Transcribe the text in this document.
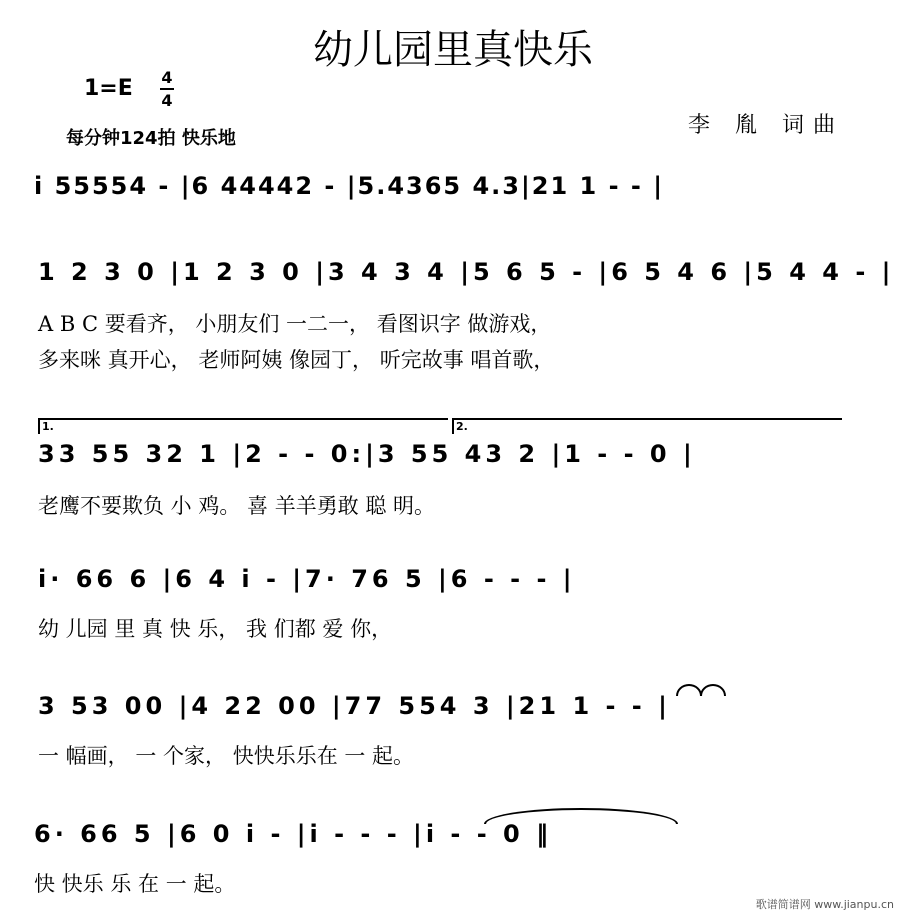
幼儿园里真快乐
1=E 4
4
每分钟124拍 快乐地
李 胤 词曲
i 55554 - |6 44442 - |5.4365 4.3|21 1 - - |
1 2 3 0 |1 2 3 0 |3 4 3 4 |5 6 5 - |6 5 4 6 |5 4 4 - |
A B C 要看齐， 小朋友们 一二一， 看图识字 做游戏，
多来咪 真开心， 老师阿姨 像园丁， 听完故事 唱首歌，
1.	2.
33 55 32 1 |2 - - 0:|3 55 43 2 |1 - - 0 |
老鹰不要欺负 小 鸡。 喜 羊羊勇敢 聪 明。
i· 66 6 |6 4 i - |7· 76 5 |6 - - - |
幼 儿园 里 真 快 乐， 我 们都 爱 你，
3 53 00 |4 22 00 |77 554 3 |21 1 - - |
一 幅画， 一 个家， 快快乐乐在 一 起。
6· 66 5 |6 0 i - |i - - - |i - - 0 ‖
快 快乐 乐 在 一 起。
歌谱简谱网 www.jianpu.cn
